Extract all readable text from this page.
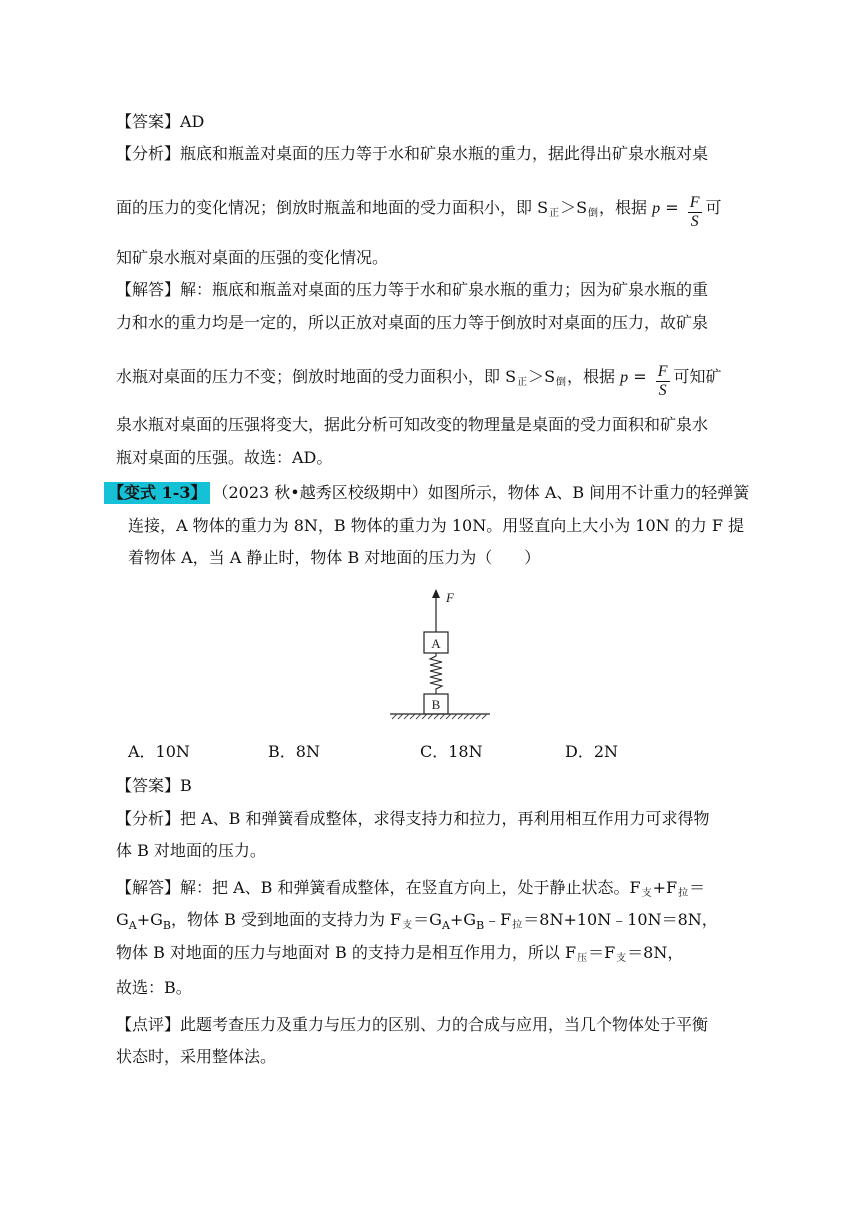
【答案】AD
【分析】瓶底和瓶盖对桌面的压力等于水和矿泉水瓶的重力，据此得出矿泉水瓶对桌
面的压力的变化情况；倒放时瓶盖和地面的受力面积小，即 $S_正>S_倒$，根据 $p = \frac{F}{S}$ 可
知矿泉水瓶对桌面的压强的变化情况。
【解答】解：瓶底和瓶盖对桌面的压力等于水和矿泉水瓶的重力；因为矿泉水瓶的重
力和水的重力均是一定的，所以正放对桌面的压力等于倒放时对桌面的压力，故矿泉
水瓶对桌面的压力不变；倒放时地面的受力面积小，即 $S_正>S_倒$，根据 $p = \frac{F}{S}$ 可知矿
泉水瓶对桌面的压强将变大，据此分析可知改变的物理量是桌面的受力面积和矿泉水
瓶对桌面的压强。故选：AD。
【变式 1-3】 （2023 秋•越秀区校级期中）如图所示，物体 A、B 间用不计重力的轻弹簧
连接，A 物体的重力为 8N，B 物体的重力为 10N。用竖直向上大小为 10N 的力 F 提
着物体 A，当 A 静止时，物体 B 对地面的压力为（　　）
F
A
B
A．10N	B．8N	C．18N	D．2N
【答案】B
【分析】把 A、B 和弹簧看成整体，求得支持力和拉力，再利用相互作用力可求得物
体 B 对地面的压力。
【解答】解：把 A、B 和弹簧看成整体，在竖直方向上，处于静止状态。$F_支+F_拉=$
$G_A+G_B$，物体 B 受到地面的支持力为 $F_支=G_A+G_B﹣F_拉=8N+10N﹣10N=8N$，
物体 B 对地面的压力与地面对 B 的支持力是相互作用力，所以 $F_压=F_支=8N$，
故选：B。
【点评】此题考查压力及重力与压力的区别、力的合成与应用，当几个物体处于平衡
状态时，采用整体法。
